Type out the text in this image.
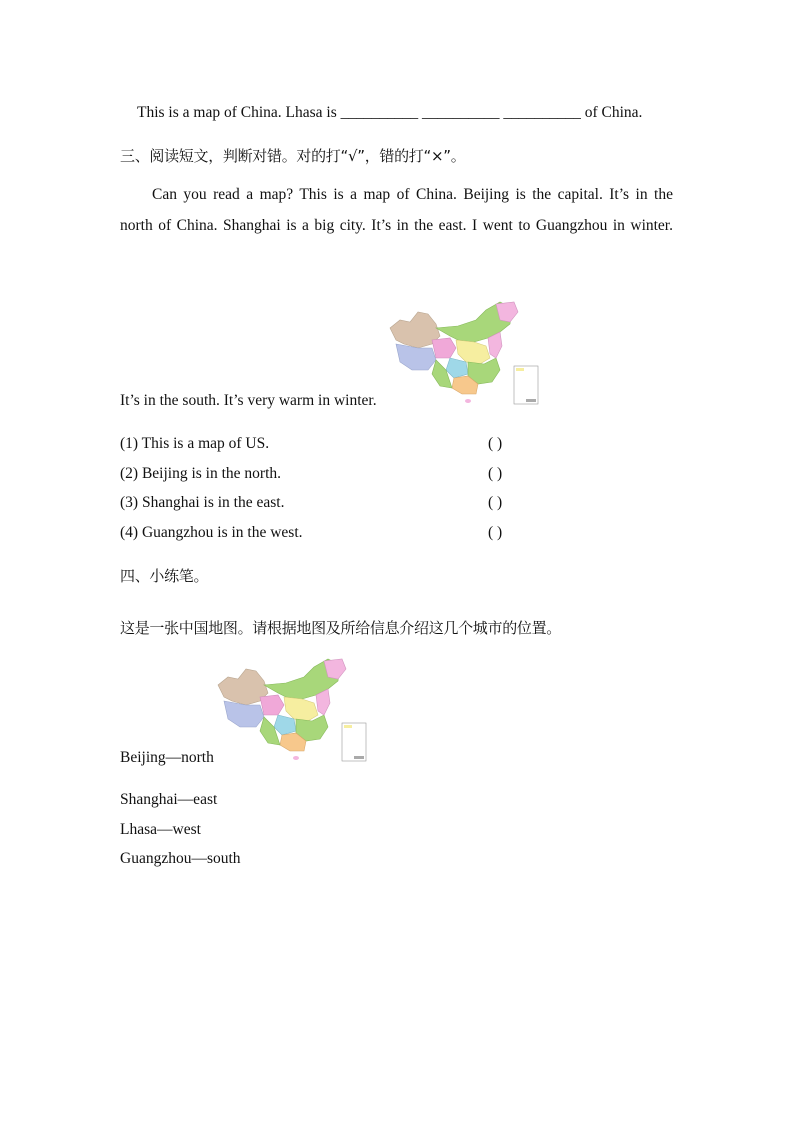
This is a map of China. Lhasa is __________ __________ __________ of China.
三、阅读短文，判断对错。对的打“√”，错的打“×”。
Can you read a map? This is a map of China. Beijing is the capital. It’s in the
north of China. Shanghai is a big city. It’s in the east. I went to Guangzhou in winter.
It’s in the south. It’s very warm in winter.
(1) This is a map of US.	( )
(2) Beijing is in the north.	( )
(3) Shanghai is in the east.	( )
(4) Guangzhou is in the west.	( )
四、小练笔。
这是一张中国地图。请根据地图及所给信息介绍这几个城市的位置。
Beijing—north
Shanghai—east
Lhasa—west
Guangzhou—south
